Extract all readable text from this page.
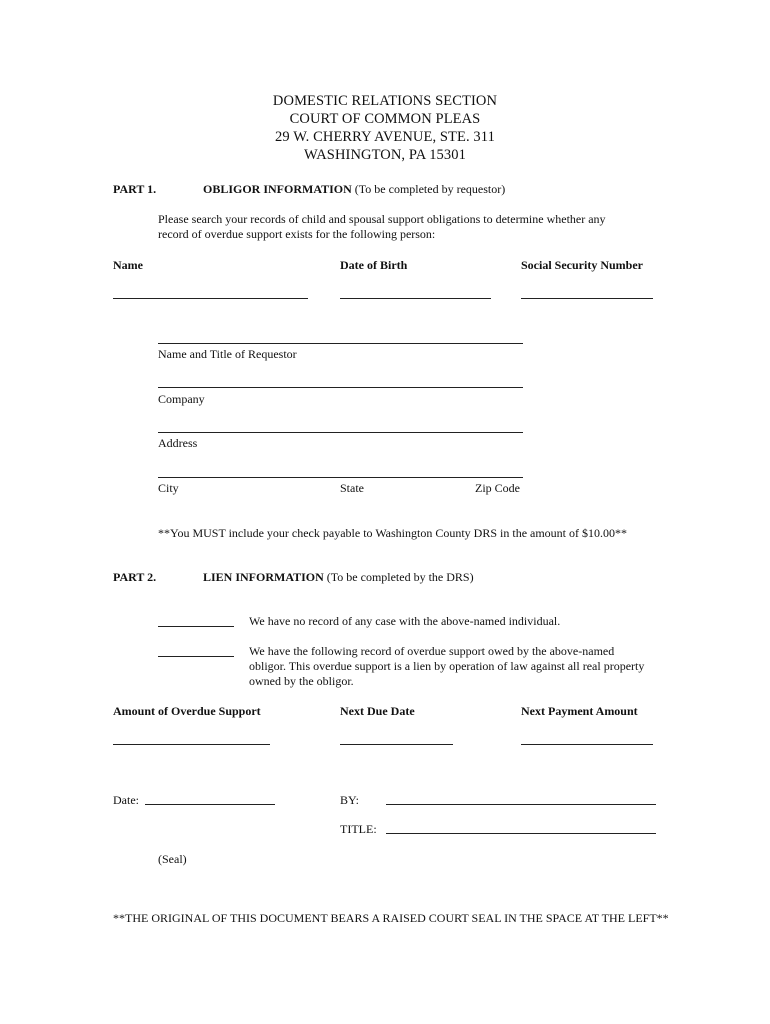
DOMESTIC RELATIONS SECTION
COURT OF COMMON PLEAS
29 W. CHERRY AVENUE, STE. 311
WASHINGTON, PA 15301
PART 1.	OBLIGOR INFORMATION (To be completed by requestor)
Please search your records of child and spousal support obligations to determine whether any record of overdue support exists for the following person:
Name	Date of Birth	Social Security Number
Name and Title of Requestor
Company
Address
City	State	Zip Code
**You MUST include your check payable to Washington County DRS in the amount of $10.00**
PART 2.	LIEN INFORMATION (To be completed by the DRS)
We have no record of any case with the above-named individual.
We have the following record of overdue support owed by the above-named obligor. This overdue support is a lien by operation of law against all real property owned by the obligor.
Amount of Overdue Support	Next Due Date	Next Payment Amount
Date:	BY:
TITLE:
(Seal)
**THE ORIGINAL OF THIS DOCUMENT BEARS A RAISED COURT SEAL IN THE SPACE AT THE LEFT**
